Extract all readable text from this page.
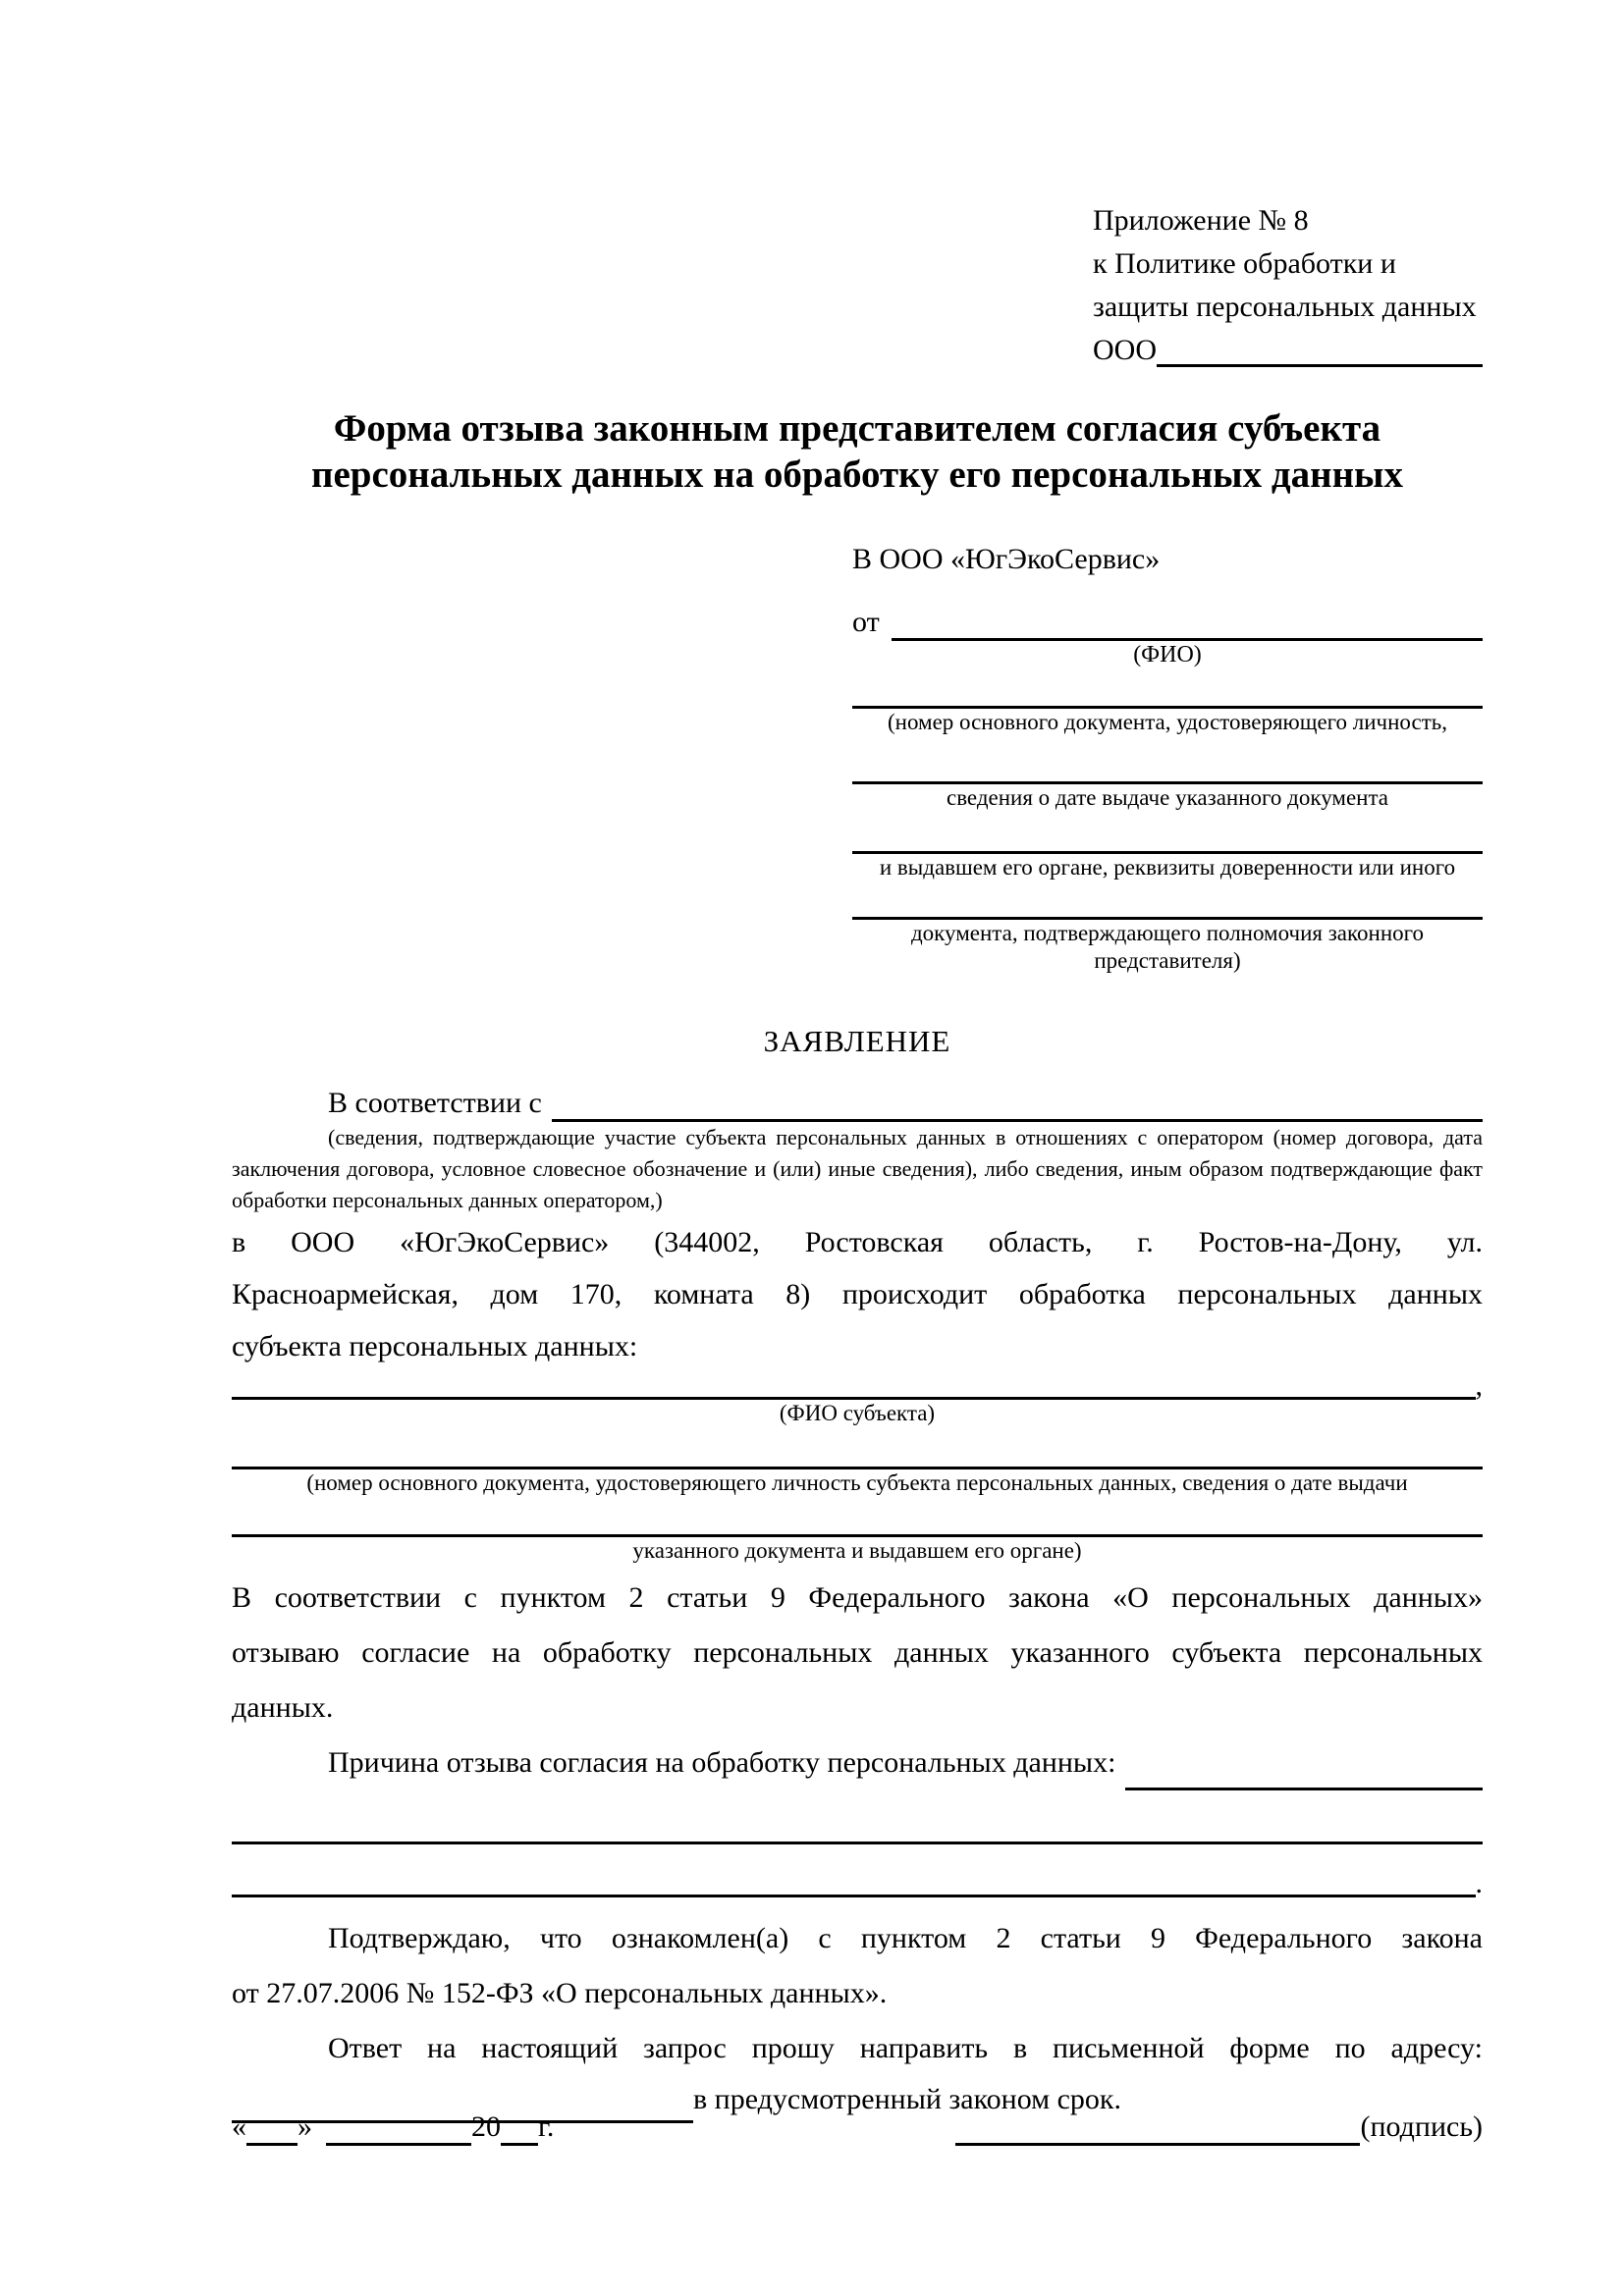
Приложение № 8
к Политике обработки и
защиты персональных данных
ООО
Форма отзыва законным представителем согласия субъекта
персональных данных на обработку его персональных данных
В ООО «ЮгЭкоСервис»
от
(ФИО)
(номер основного документа, удостоверяющего личность,
сведения о дате выдаче указанного документа
и выдавшем его органе, реквизиты доверенности или иного
документа, подтверждающего полномочия законного представителя)
ЗАЯВЛЕНИЕ
В соответствии с
(сведения, подтверждающие участие субъекта персональных данных в отношениях с оператором (номер договора, дата
заключения договора, условное словесное обозначение и (или) иные сведения), либо сведения, иным образом подтверждающие факт
обработки персональных данных оператором,)
в ООО «ЮгЭкоСервис» (344002, Ростовская область, г. Ростов-на-Дону, ул.
Красноармейская, дом 170, комната 8) происходит обработка персональных данных
субъекта персональных данных:
,
(ФИО субъекта)
(номер основного документа, удостоверяющего личность субъекта персональных данных, сведения о дате выдачи
указанного документа и выдавшем его органе)
В соответствии с пунктом 2 статьи 9 Федерального закона «О персональных данных»
отзываю согласие на обработку персональных данных указанного субъекта персональных
данных.
Причина отзыва согласия на обработку персональных данных:
.
Подтверждаю, что ознакомлен(а) с пунктом 2 статьи 9 Федерального закона
от 27.07.2006 № 152-ФЗ «О персональных данных».
Ответ на настоящий запрос прошу направить в письменной форме по адресу:
в предусмотренный законом срок.
« »	20 г.	(подпись)
